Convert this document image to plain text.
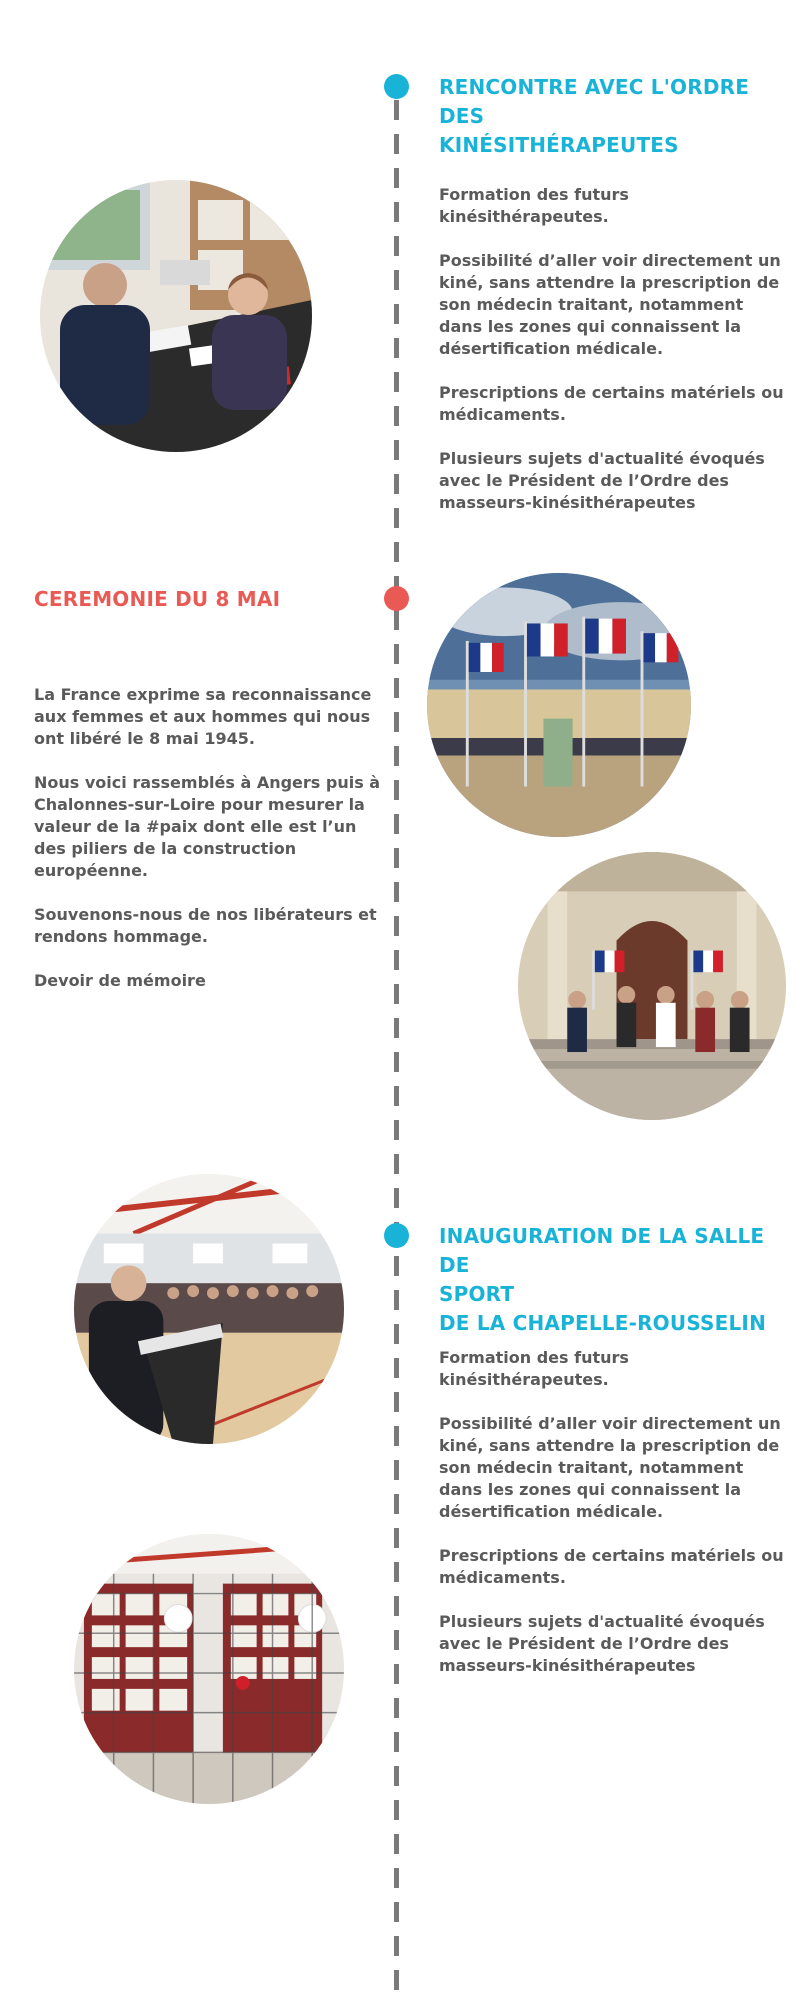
RENCONTRE AVEC L'ORDRE DES
KINÉSITHÉRAPEUTES

Formation des futurs kinésithérapeutes.

Possibilité d’aller voir directement un kiné, sans attendre la prescription de son médecin traitant, notamment dans les zones qui connaissent la désertification médicale.

Prescriptions de certains matériels ou médicaments.

Plusieurs sujets d'actualité évoqués avec le Président de l’Ordre des masseurs-kinésithérapeutes

CEREMONIE DU 8 MAI

La France exprime sa reconnaissance aux femmes et aux hommes qui nous ont libéré le 8 mai 1945.

Nous voici rassemblés à Angers puis à Chalonnes-sur-Loire pour mesurer la valeur de la #paix dont elle est l’un des piliers de la construction européenne.

Souvenons-nous de nos libérateurs et rendons hommage.

Devoir de mémoire

INAUGURATION DE LA SALLE DE
SPORT
DE LA CHAPELLE-ROUSSELIN

Formation des futurs kinésithérapeutes.

Possibilité d’aller voir directement un kiné, sans attendre la prescription de son médecin traitant, notamment dans les zones qui connaissent la désertification médicale.

Prescriptions de certains matériels ou médicaments.

Plusieurs sujets d'actualité évoqués avec le Président de l’Ordre des masseurs-kinésithérapeutes
